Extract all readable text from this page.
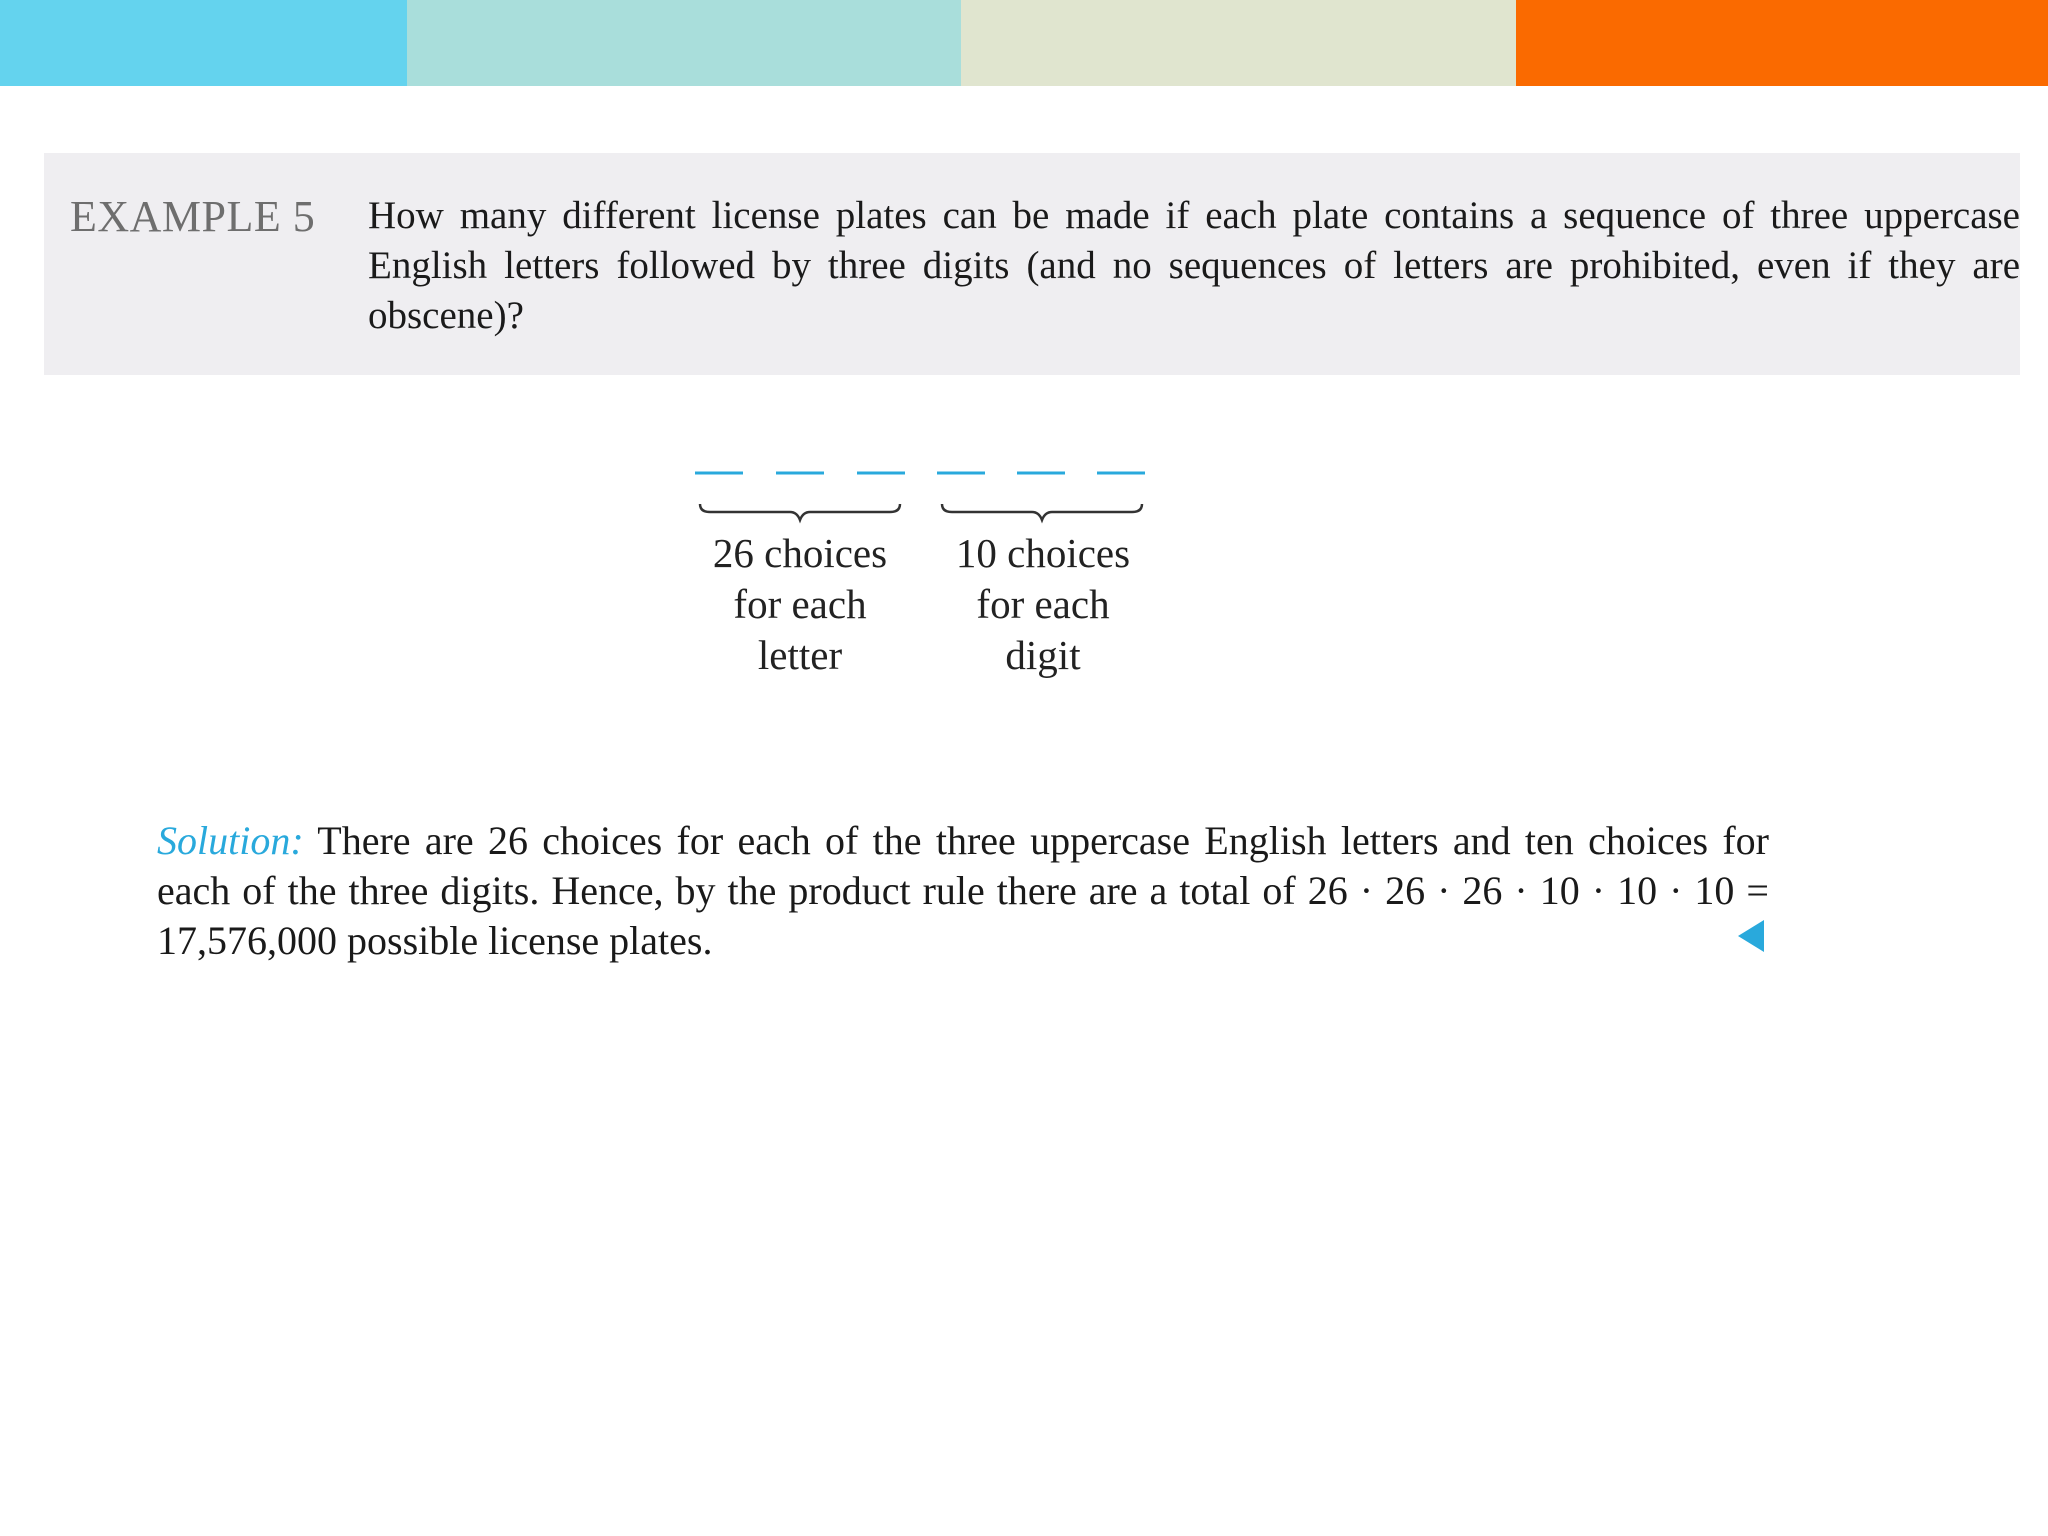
EXAMPLE 5 How many different license plates can be made if each plate contains a sequence of three uppercase English letters followed by three digits (and no sequences of letters are prohibited, even if they are obscene)?
26 choices
for each
letter
10 choices
for each
digit
Solution: There are 26 choices for each of the three uppercase English letters and ten choices for each of the three digits. Hence, by the product rule there are a total of 26 · 26 · 26 · 10 · 10 · 10 = 17,576,000 possible license plates.
